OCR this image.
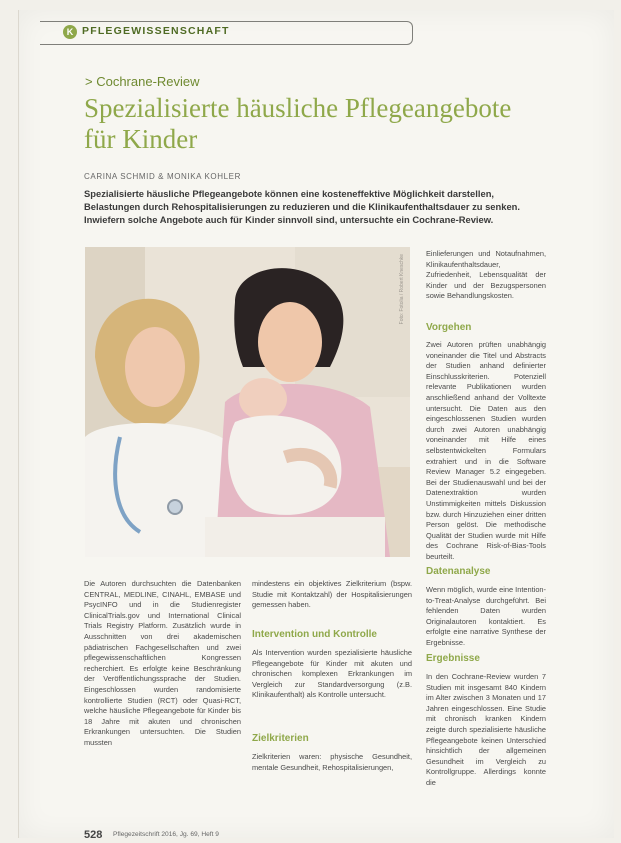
K PFLEGEWISSENSCHAFT
> Cochrane-Review
Spezialisierte häusliche Pflegeangebote für Kinder
CARINA SCHMID & MONIKA KOHLER
Spezialisierte häusliche Pflegeangebote können eine kosteneffektive Möglichkeit darstellen, Belastungen durch Rehospitalisierungen zu reduzieren und die Klinikaufenthaltsdauer zu senken. Inwiefern solche Angebote auch für Kinder sinnvoll sind, untersuchte ein Cochrane-Review.
Foto: Fotolia / Robert Kneschke

Einlieferungen und Notaufnahmen, Klinikaufenthaltsdauer, Zufriedenheit, Lebensqualität der Kinder und der Bezugspersonen sowie Behandlungskosten.

Vorgehen

Zwei Autoren prüften unabhängig voneinander die Titel und Abstracts der Studien anhand definierter Einschlusskriterien. Potenziell relevante Publikationen wurden anschließend anhand der Volltexte untersucht. Die Daten aus den eingeschlossenen Studien wurden durch zwei Autoren unabhängig voneinander mit Hilfe eines selbstentwickelten Formulars extrahiert und in die Software Review Manager 5.2 eingegeben. Bei der Studienauswahl und bei der Datenextraktion wurden Unstimmigkeiten mittels Diskussion bzw. durch Hinzuziehen einer dritten Person gelöst. Die methodische Qualität der Studien wurde mit Hilfe des Cochrane Risk-of-Bias-Tools beurteilt.

Datenanalyse

Wenn möglich, wurde eine Intention-to-Treat-Analyse durchgeführt. Bei fehlenden Daten wurden Originalautoren kontaktiert. Es erfolgte eine narrative Synthese der Ergebnisse.

Ergebnisse

In den Cochrane-Review wurden 7 Studien mit insgesamt 840 Kindern im Alter zwischen 3 Monaten und 17 Jahren eingeschlossen. Eine Studie mit chronisch kranken Kindern zeigte durch spezialisierte häusliche Pflegeangebote keinen Unterschied hinsichtlich der allgemeinen Gesundheit im Vergleich zu Kontrollgruppe. Allerdings konnte die

Die Autoren durchsuchten die Datenbanken CENTRAL, MEDLINE, CINAHL, EMBASE und PsycINFO und in die Studienregister ClinicalTrials.gov und International Clinical Trials Registry Platform. Zusätzlich wurde in Ausschnitten von drei akademischen pädiatrischen Fachgesellschaften und zwei pflegewissenschaftlichen Kongressen recherchiert. Es erfolgte keine Beschränkung der Veröffentlichungssprache der Studien. Eingeschlossen wurden randomisierte kontrollierte Studien (RCT) oder Quasi-RCT, welche häusliche Pflegeangebote für Kinder bis 18 Jahre mit akuten und chronischen Erkrankungen untersuchten. Die Studien mussten

mindestens ein objektives Zielkriterium (bspw. Studie mit Kontaktzahl) der Hospitalisierungen gemessen haben.

Intervention und Kontrolle

Als Intervention wurden spezialisierte häusliche Pflegeangebote für Kinder mit akuten und chronischen komplexen Erkrankungen im Vergleich zur Standardversorgung (z.B. Klinikaufenthalt) als Kontrolle untersucht.

Zielkriterien

Zielkriterien waren: physische Gesundheit, mentale Gesundheit, Rehospitalisierungen,

528 Pflegezeitschrift 2016, Jg. 69, Heft 9
